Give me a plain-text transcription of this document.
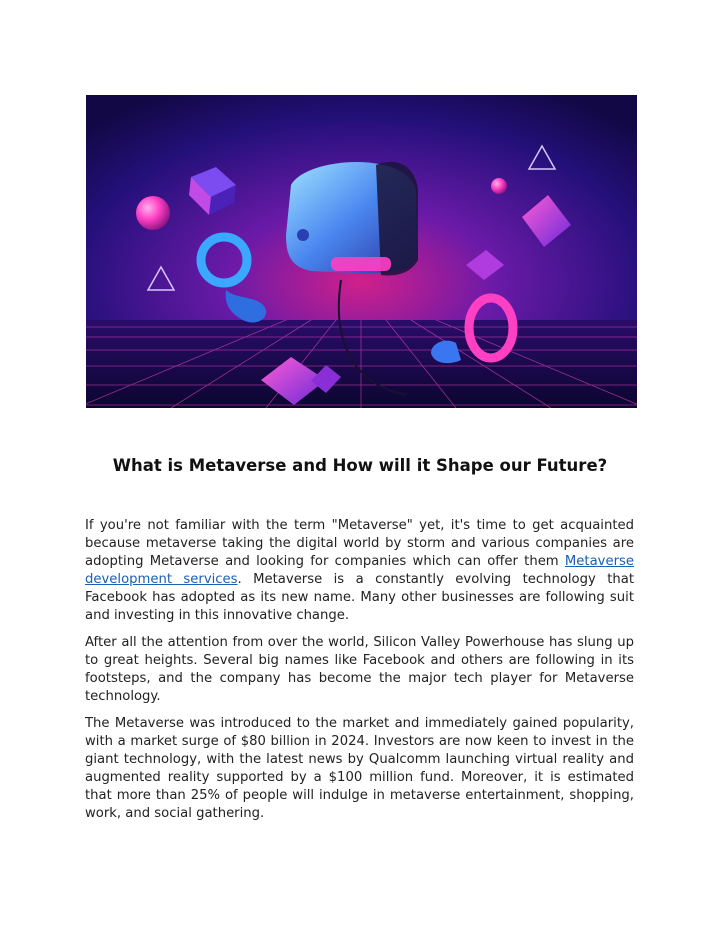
What is Metaverse and How will it Shape our Future?

If you're not familiar with the term "Metaverse" yet, it's time to get acquainted because metaverse taking the digital world by storm and various companies are adopting Metaverse and looking for companies which can offer them Metaverse development services. Metaverse is a constantly evolving technology that Facebook has adopted as its new name. Many other businesses are following suit and investing in this innovative change.

After all the attention from over the world, Silicon Valley Powerhouse has slung up to great heights. Several big names like Facebook and others are following in its footsteps, and the company has become the major tech player for Metaverse technology.

The Metaverse was introduced to the market and immediately gained popularity, with a market surge of $80 billion in 2024. Investors are now keen to invest in the giant technology, with the latest news by Qualcomm launching virtual reality and augmented reality supported by a $100 million fund. Moreover, it is estimated that more than 25% of people will indulge in metaverse entertainment, shopping, work, and social gathering.
